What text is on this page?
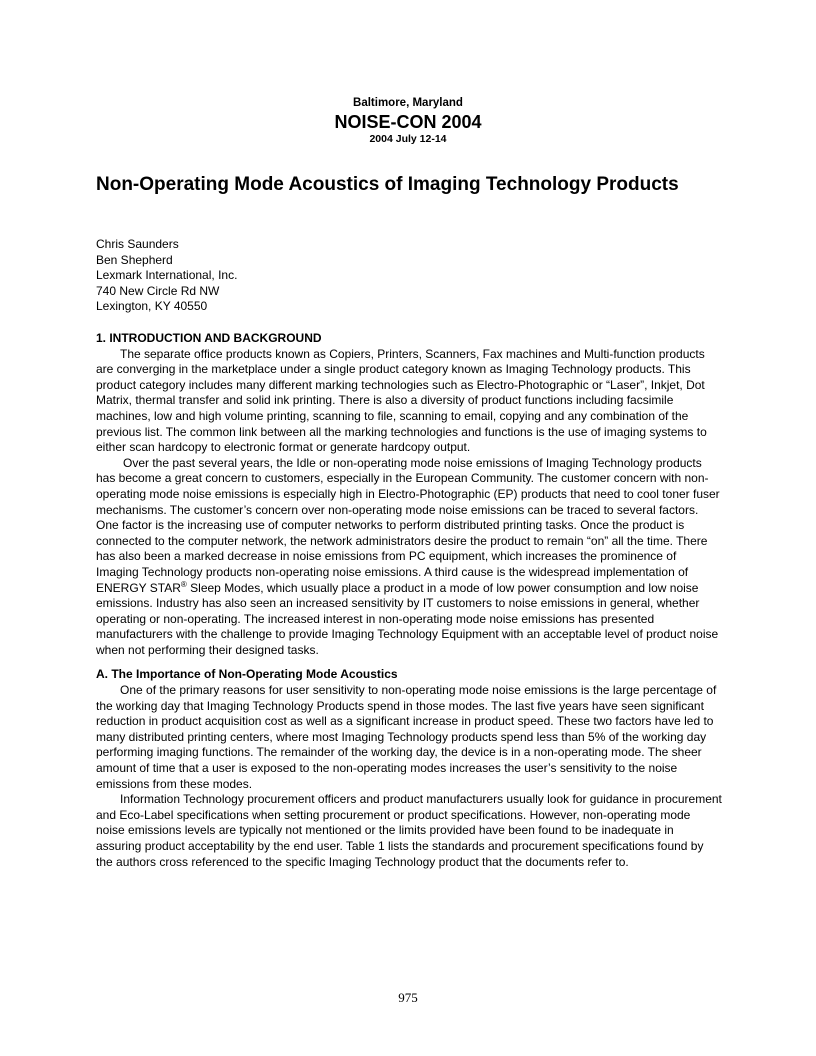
Baltimore, Maryland
NOISE-CON 2004
2004 July 12-14
Non-Operating Mode Acoustics of Imaging Technology Products
Chris Saunders
Ben Shepherd
Lexmark International, Inc.
740 New Circle Rd NW
Lexington, KY 40550
1. INTRODUCTION AND BACKGROUND
The separate office products known as Copiers, Printers, Scanners, Fax machines and Multi-function products are converging in the marketplace under a single product category known as Imaging Technology products. This product category includes many different marking technologies such as Electro-Photographic or “Laser”, Inkjet, Dot Matrix, thermal transfer and solid ink printing. There is also a diversity of product functions including facsimile machines, low and high volume printing, scanning to file, scanning to email, copying and any combination of the previous list. The common link between all the marking technologies and functions is the use of imaging systems to either scan hardcopy to electronic format or generate hardcopy output.
Over the past several years, the Idle or non-operating mode noise emissions of Imaging Technology products has become a great concern to customers, especially in the European Community. The customer concern with non-operating mode noise emissions is especially high in Electro-Photographic (EP) products that need to cool toner fuser mechanisms. The customer’s concern over non-operating mode noise emissions can be traced to several factors. One factor is the increasing use of computer networks to perform distributed printing tasks. Once the product is connected to the computer network, the network administrators desire the product to remain “on” all the time. There has also been a marked decrease in noise emissions from PC equipment, which increases the prominence of Imaging Technology products non-operating noise emissions. A third cause is the widespread implementation of ENERGY STAR® Sleep Modes, which usually place a product in a mode of low power consumption and low noise emissions. Industry has also seen an increased sensitivity by IT customers to noise emissions in general, whether operating or non-operating. The increased interest in non-operating mode noise emissions has presented manufacturers with the challenge to provide Imaging Technology Equipment with an acceptable level of product noise when not performing their designed tasks.
A. The Importance of Non-Operating Mode Acoustics
One of the primary reasons for user sensitivity to non-operating mode noise emissions is the large percentage of the working day that Imaging Technology Products spend in those modes. The last five years have seen significant reduction in product acquisition cost as well as a significant increase in product speed. These two factors have led to many distributed printing centers, where most Imaging Technology products spend less than 5% of the working day performing imaging functions. The remainder of the working day, the device is in a non-operating mode. The sheer amount of time that a user is exposed to the non-operating modes increases the user’s sensitivity to the noise emissions from these modes.
Information Technology procurement officers and product manufacturers usually look for guidance in procurement and Eco-Label specifications when setting procurement or product specifications. However, non-operating mode noise emissions levels are typically not mentioned or the limits provided have been found to be inadequate in assuring product acceptability by the end user. Table 1 lists the standards and procurement specifications found by the authors cross referenced to the specific Imaging Technology product that the documents refer to.
975
